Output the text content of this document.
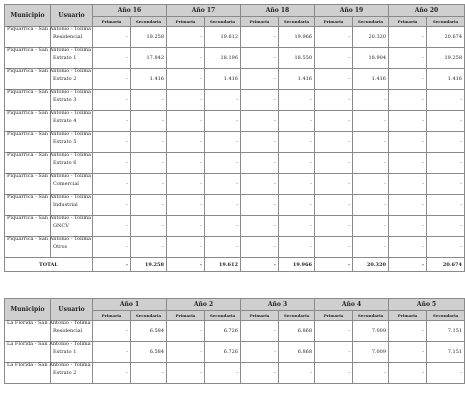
Municipio	Usuario	Año 16		Año 17		Año 18		Año 19		Año 20	
		Primaria	Secundaria	Primaria	Secundaria	Primaria	Secundaria	Primaria	Secundaria	Primaria	Secundaria
Piquarrica - San Antonio - Tolima	Residencial	-	19.258	-	19.612	-	19.966	-	20.320	-	20.674
Piquarrica - San Antonio - Tolima	Estrato 1	-	17.842	-	18.196	-	18.550	-	18.904	-	19.258
Piquarrica - San Antonio - Tolima	Estrato 2	-	1.416	-	1.416	-	1.416	-	1.416	-	1.416
Piquarrica - San Antonio - Tolima	Estrato 3	-	-	-	-	-	-	-	-	-	-
Piquarrica - San Antonio - Tolima	Estrato 4	-	-	-	-	-	-	-	-	-	-
Piquarrica - San Antonio - Tolima	Estrato 5	-	-	-	-	-	-	-	-	-	-
Piquarrica - San Antonio - Tolima	Estrato 6	-	-	-	-	-	-	-	-	-	-
Piquarrica - San Antonio - Tolima	Comercial	-	-	-	-	-	-	-	-	-	-
Piquarrica - San Antonio - Tolima	Industrial	-	-	-	-	-	-	-	-	-	-
Piquarrica - San Antonio - Tolima	GNCV	-	-	-	-	-	-	-	-	-	-
Piquarrica - San Antonio - Tolima	Otros	-	-	-	-	-	-	-	-	-	-
TOTAL		-	19.258	-	19.612	-	19.966	-	20.320	-	20.674
Municipio	Usuario	Año 1		Año 2		Año 3		Año 4		Año 5	
		Primaria	Secundaria	Primaria	Secundaria	Primaria	Secundaria	Primaria	Secundaria	Primaria	Secundaria
La Florida - San Antonio - Tolima	Residencial	-	6.584	-	6.726	-	6.868	-	7.009	-	7.151
La Florida - San Antonio - Tolima	Estrato 1	-	6.584	-	6.726	-	6.868	-	7.009	-	7.151
La Florida - San Antonio - Tolima	Estrato 2	-	-	-	-	-	-	-	-	-	-
